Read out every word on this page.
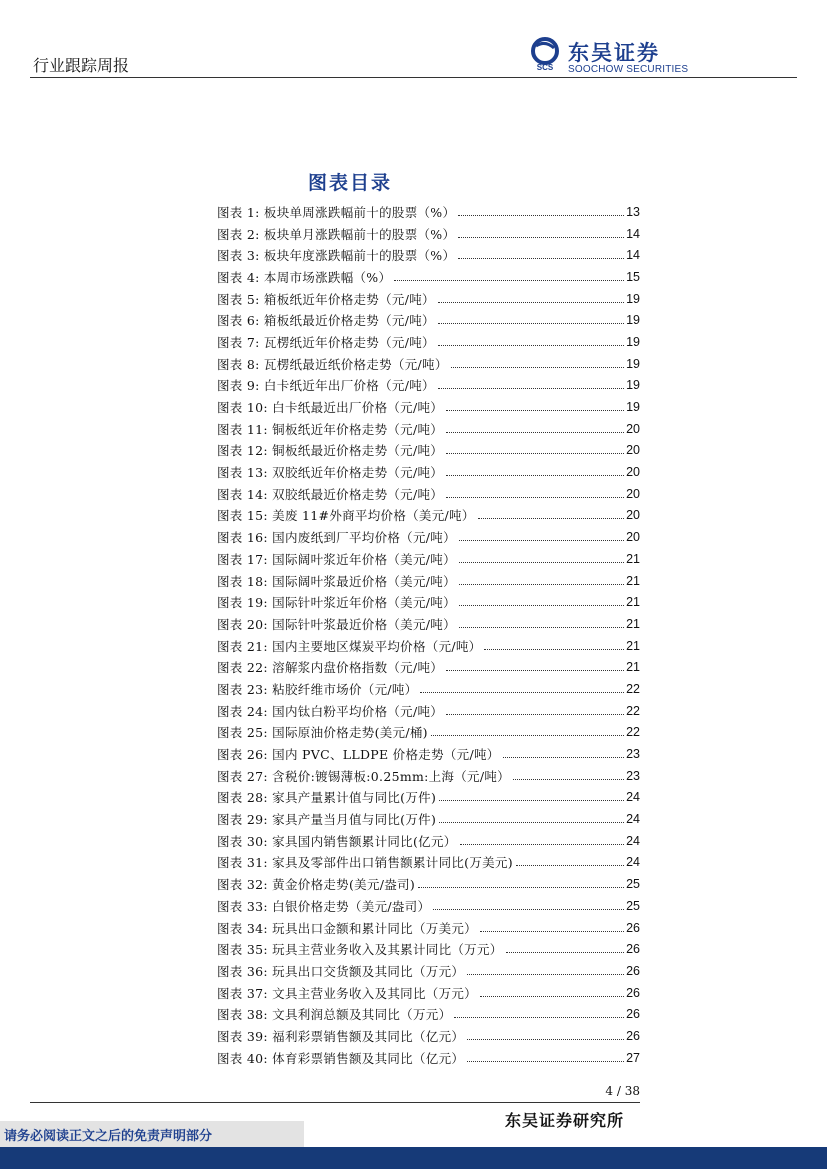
行业跟踪周报	SCS
东吴证券
SOOCHOW SECURITIES
图表目录
图表 1: 板块单周涨跌幅前十的股票（%）	13
图表 2: 板块单月涨跌幅前十的股票（%）	14
图表 3: 板块年度涨跌幅前十的股票（%）	14
图表 4: 本周市场涨跌幅（%）	15
图表 5: 箱板纸近年价格走势（元/吨）	19
图表 6: 箱板纸最近价格走势（元/吨）	19
图表 7: 瓦楞纸近年价格走势（元/吨）	19
图表 8: 瓦楞纸最近纸价格走势（元/吨）	19
图表 9: 白卡纸近年出厂价格（元/吨）	19
图表 10: 白卡纸最近出厂价格（元/吨）	19
图表 11: 铜板纸近年价格走势（元/吨）	20
图表 12: 铜板纸最近价格走势（元/吨）	20
图表 13: 双胶纸近年价格走势（元/吨）	20
图表 14: 双胶纸最近价格走势（元/吨）	20
图表 15: 美废 11#外商平均价格（美元/吨）	20
图表 16: 国内废纸到厂平均价格（元/吨）	20
图表 17: 国际阔叶浆近年价格（美元/吨）	21
图表 18: 国际阔叶浆最近价格（美元/吨）	21
图表 19: 国际针叶浆近年价格（美元/吨）	21
图表 20: 国际针叶浆最近价格（美元/吨）	21
图表 21: 国内主要地区煤炭平均价格（元/吨）	21
图表 22: 溶解浆内盘价格指数（元/吨）	21
图表 23: 粘胶纤维市场价（元/吨）	22
图表 24: 国内钛白粉平均价格（元/吨）	22
图表 25: 国际原油价格走势(美元/桶)	22
图表 26: 国内 PVC、LLDPE 价格走势（元/吨）	23
图表 27: 含税价:镀锡薄板:0.25mm:上海（元/吨）	23
图表 28: 家具产量累计值与同比(万件)	24
图表 29: 家具产量当月值与同比(万件)	24
图表 30: 家具国内销售额累计同比(亿元）	24
图表 31: 家具及零部件出口销售额累计同比(万美元)	24
图表 32: 黄金价格走势(美元/盎司)	25
图表 33: 白银价格走势（美元/盎司）	25
图表 34: 玩具出口金额和累计同比（万美元）	26
图表 35: 玩具主营业务收入及其累计同比（万元）	26
图表 36: 玩具出口交货额及其同比（万元）	26
图表 37: 文具主营业务收入及其同比（万元）	26
图表 38: 文具利润总额及其同比（万元）	26
图表 39: 福利彩票销售额及其同比（亿元）	26
图表 40: 体育彩票销售额及其同比（亿元）	27
4 / 38
东吴证券研究所
请务必阅读正文之后的免责声明部分
